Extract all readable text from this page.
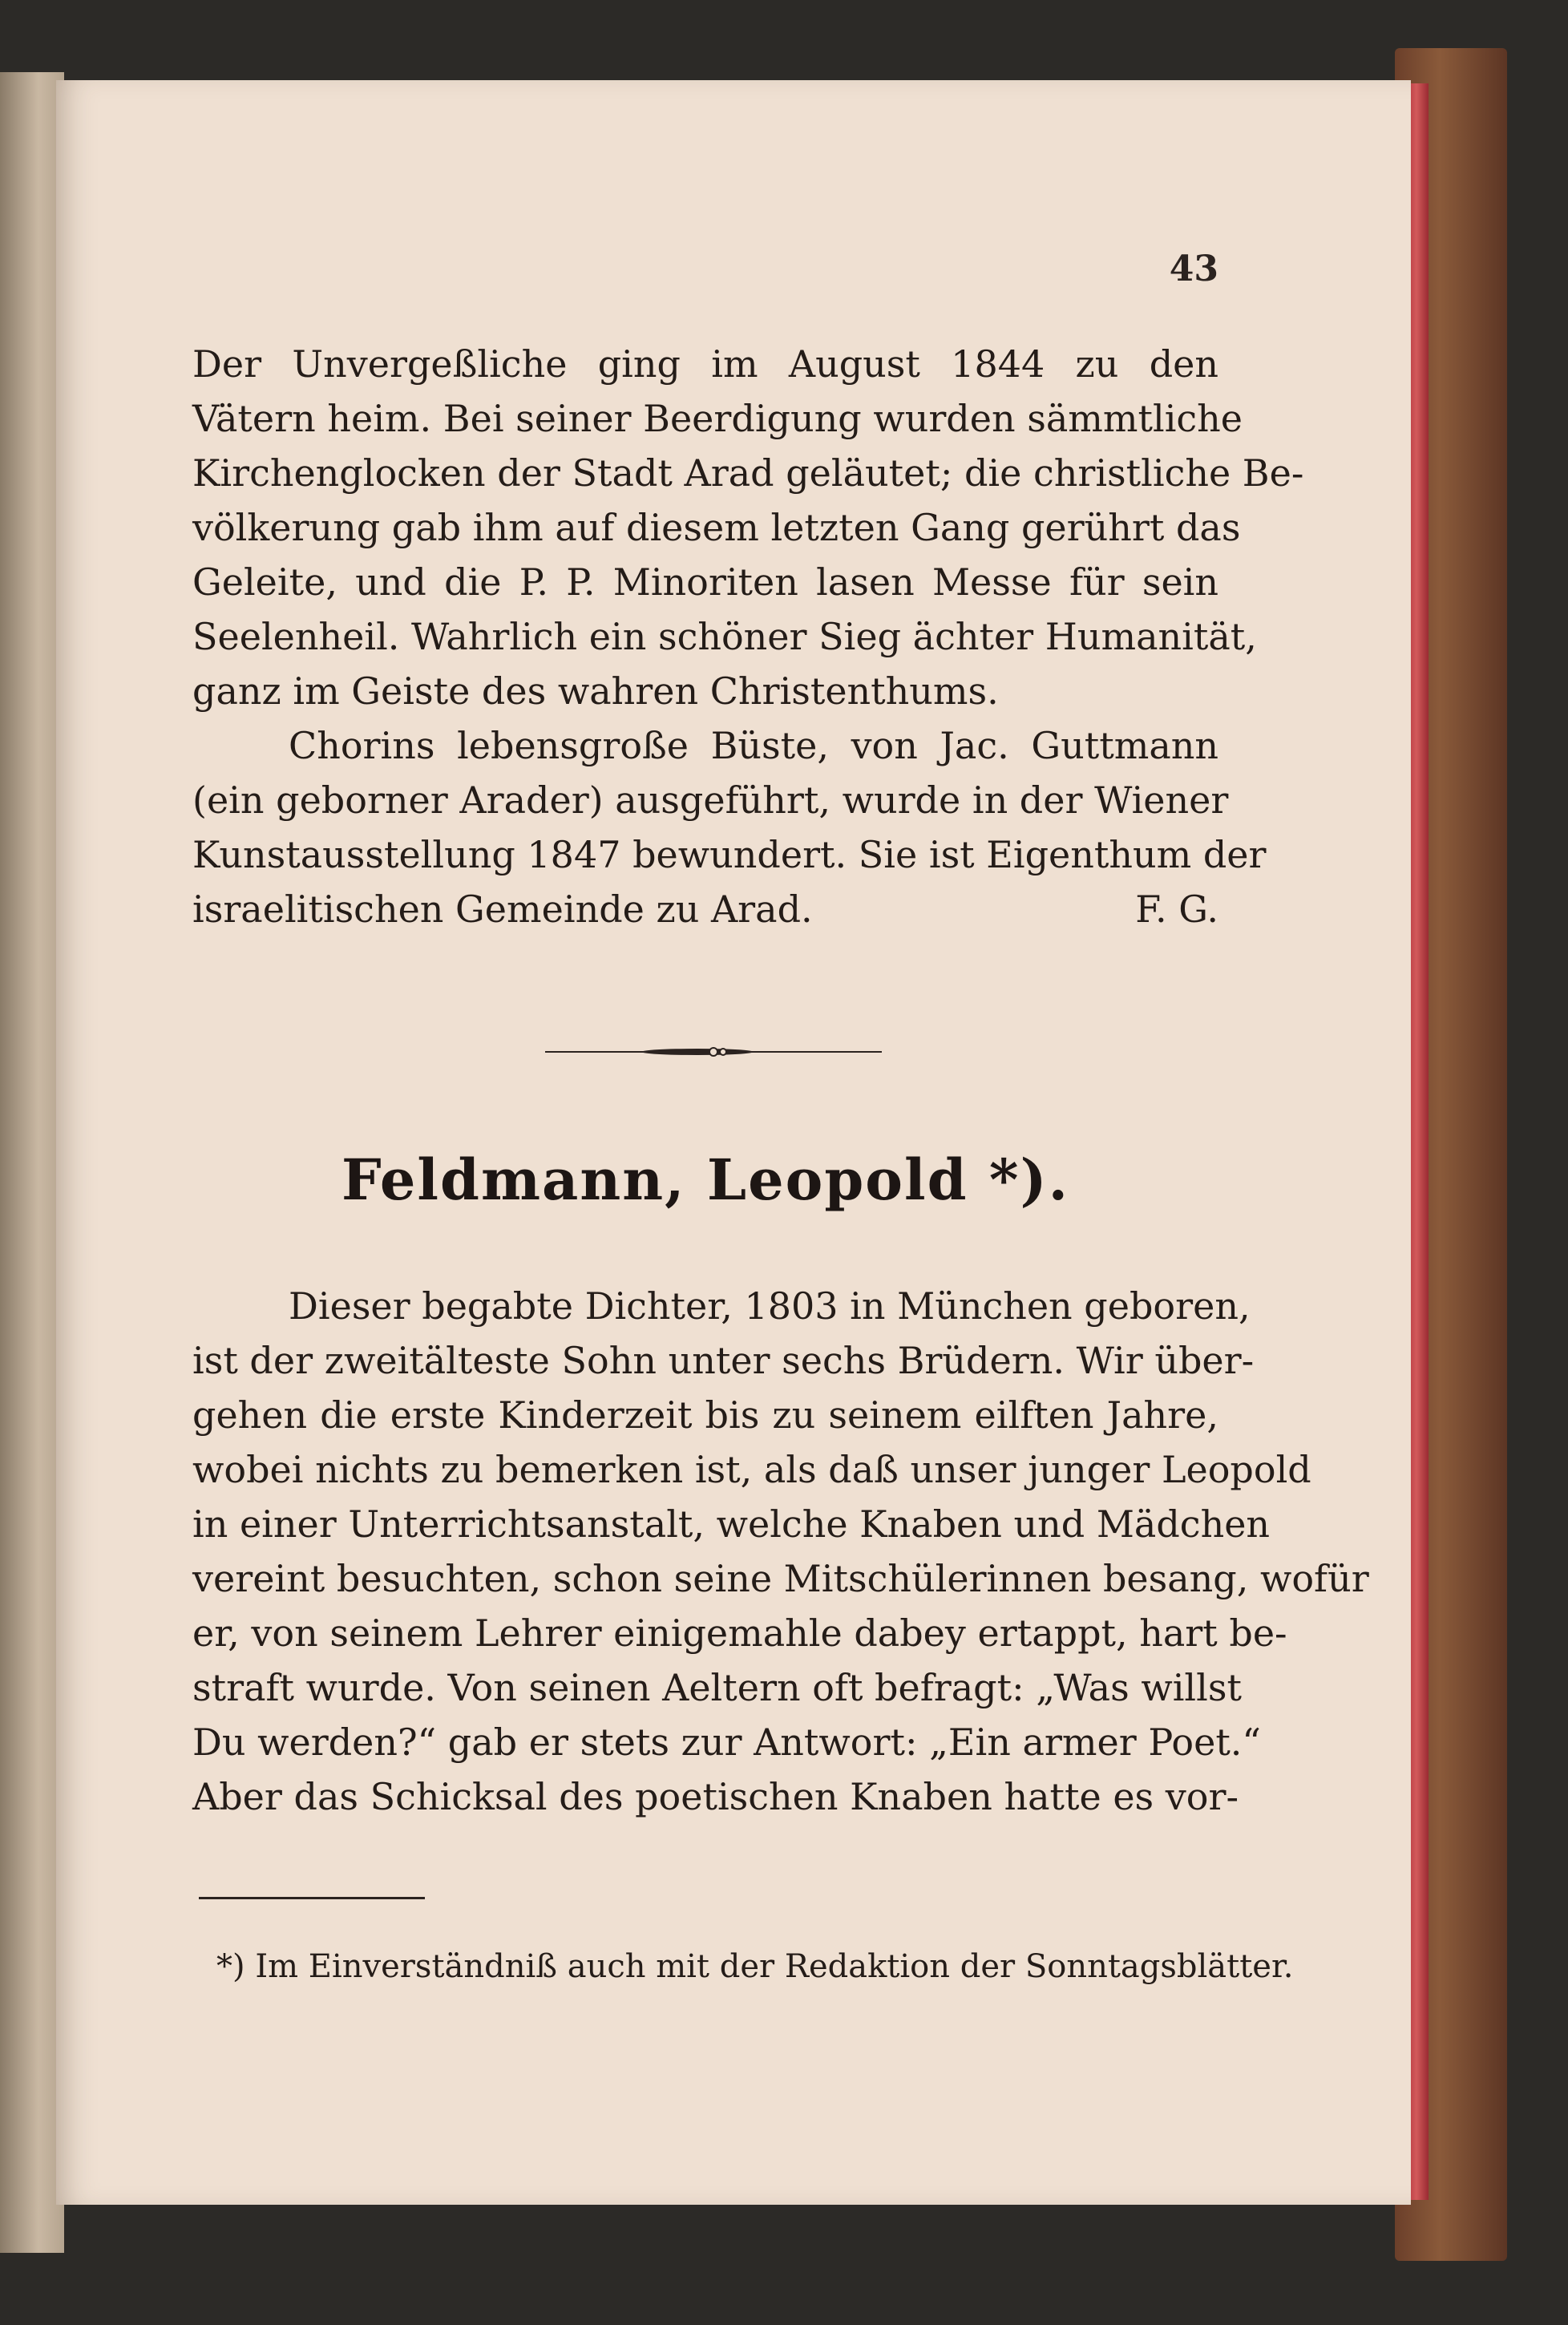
43
Der Unvergeßliche ging im August 1844 zu den
Vätern heim. Bei seiner Beerdigung wurden sämmtliche
Kirchenglocken der Stadt Arad geläutet; die christliche Be-
völkerung gab ihm auf diesem letzten Gang gerührt das
Geleite, und die P. P. Minoriten lasen Messe für sein
Seelenheil. Wahrlich ein schöner Sieg ächter Humanität,
ganz im Geiste des wahren Christenthums.
Chorins lebensgroße Büste, von Jac. Guttmann
(ein geborner Arader) ausgeführt, wurde in der Wiener
Kunstausstellung 1847 bewundert. Sie ist Eigenthum der
israelitischen Gemeinde zu Arad.	F. G.
Feldmann, Leopold *).
Dieser begabte Dichter, 1803 in München geboren,
ist der zweitälteste Sohn unter sechs Brüdern. Wir über-
gehen die erste Kinderzeit bis zu seinem eilften Jahre,
wobei nichts zu bemerken ist, als daß unser junger Leopold
in einer Unterrichtsanstalt, welche Knaben und Mädchen
vereint besuchten, schon seine Mitschülerinnen besang, wofür
er, von seinem Lehrer einigemahle dabey ertappt, hart be-
straft wurde. Von seinen Aeltern oft befragt: „Was willst
Du werden?“ gab er stets zur Antwort: „Ein armer Poet.“
Aber das Schicksal des poetischen Knaben hatte es vor-
*) Im Einverständniß auch mit der Redaktion der Sonntagsblätter.
